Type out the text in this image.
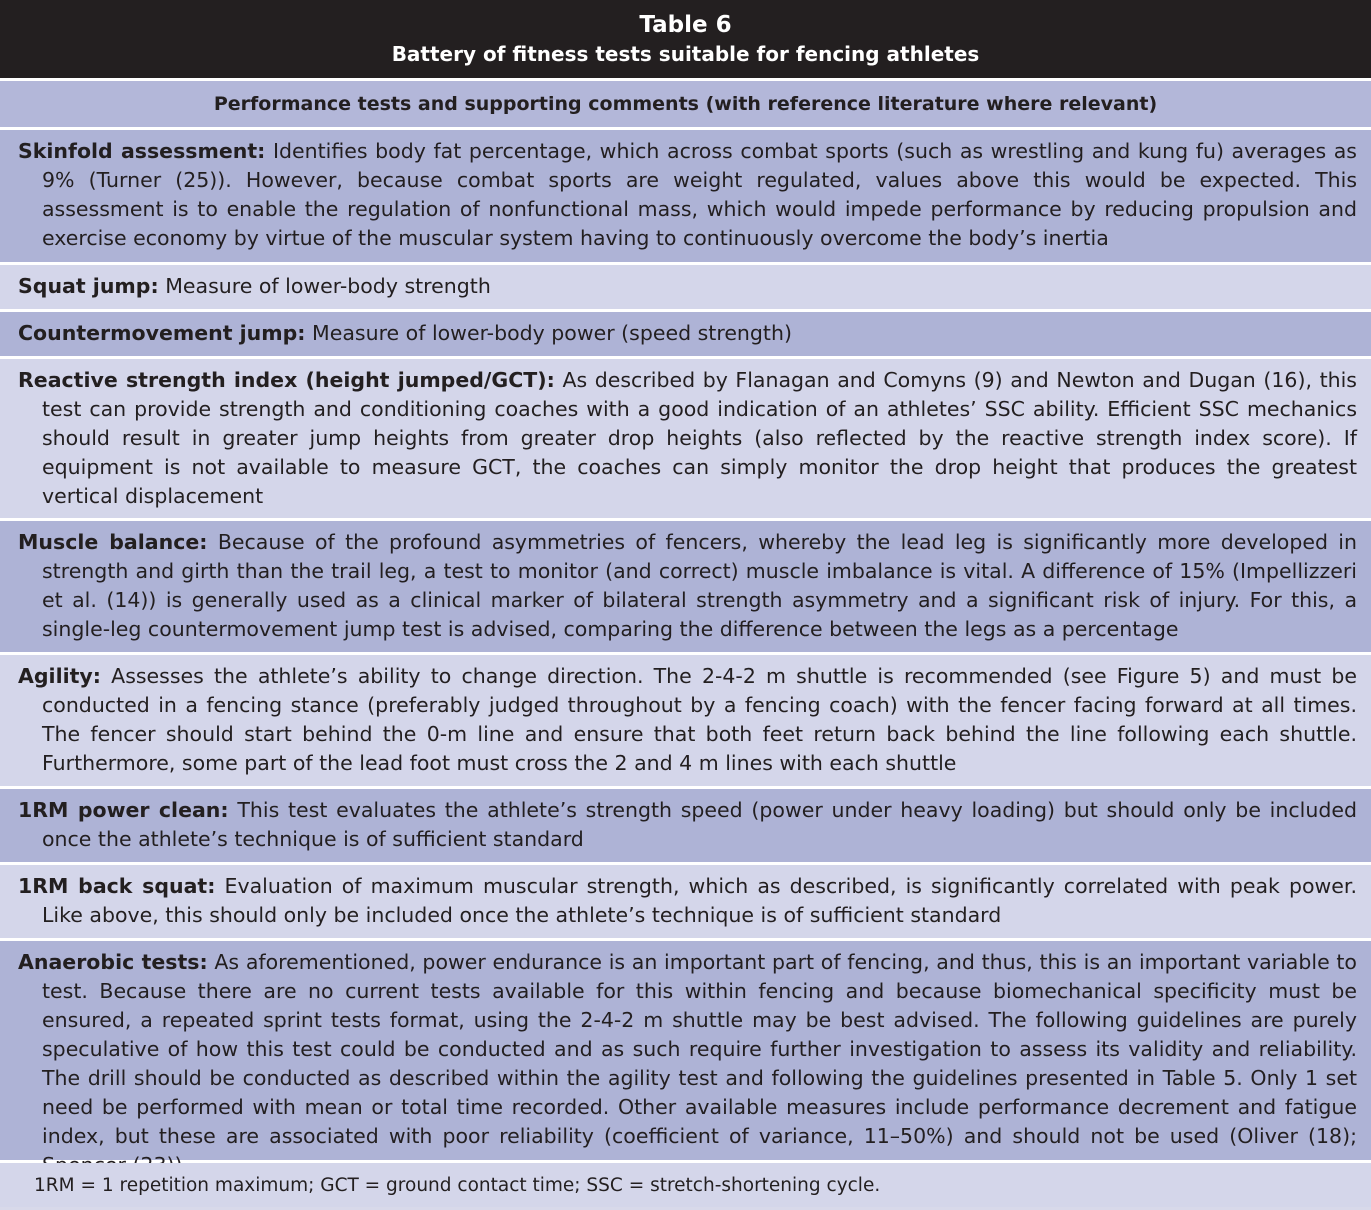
Table 6
Battery of fitness tests suitable for fencing athletes
Performance tests and supporting comments (with reference literature where relevant)
Skinfold assessment: Identifies body fat percentage, which across combat sports (such as wrestling and kung fu) averages as 9% (Turner (25)). However, because combat sports are weight regulated, values above this would be expected. This assessment is to enable the regulation of nonfunctional mass, which would impede performance by reducing propulsion and exercise economy by virtue of the muscular system having to continuously overcome the body’s inertia
Squat jump: Measure of lower-body strength
Countermovement jump: Measure of lower-body power (speed strength)
Reactive strength index (height jumped/GCT): As described by Flanagan and Comyns (9) and Newton and Dugan (16), this test can provide strength and conditioning coaches with a good indication of an athletes’ SSC ability. Efficient SSC mechanics should result in greater jump heights from greater drop heights (also reflected by the reactive strength index score). If equipment is not available to measure GCT, the coaches can simply monitor the drop height that produces the greatest vertical displacement
Muscle balance: Because of the profound asymmetries of fencers, whereby the lead leg is significantly more developed in strength and girth than the trail leg, a test to monitor (and correct) muscle imbalance is vital. A difference of 15% (Impellizzeri et al. (14)) is generally used as a clinical marker of bilateral strength asymmetry and a significant risk of injury. For this, a single-leg countermovement jump test is advised, comparing the difference between the legs as a percentage
Agility: Assesses the athlete’s ability to change direction. The 2-4-2 m shuttle is recommended (see Figure 5) and must be conducted in a fencing stance (preferably judged throughout by a fencing coach) with the fencer facing forward at all times. The fencer should start behind the 0-m line and ensure that both feet return back behind the line following each shuttle. Furthermore, some part of the lead foot must cross the 2 and 4 m lines with each shuttle
1RM power clean: This test evaluates the athlete’s strength speed (power under heavy loading) but should only be included once the athlete’s technique is of sufficient standard
1RM back squat: Evaluation of maximum muscular strength, which as described, is significantly correlated with peak power. Like above, this should only be included once the athlete’s technique is of sufficient standard
Anaerobic tests: As aforementioned, power endurance is an important part of fencing, and thus, this is an important variable to test. Because there are no current tests available for this within fencing and because biomechanical specificity must be ensured, a repeated sprint tests format, using the 2-4-2 m shuttle may be best advised. The following guidelines are purely speculative of how this test could be conducted and as such require further investigation to assess its validity and reliability. The drill should be conducted as described within the agility test and following the guidelines presented in Table 5. Only 1 set need be performed with mean or total time recorded. Other available measures include performance decrement and fatigue index, but these are associated with poor reliability (coefficient of variance, 11–50%) and should not be used (Oliver (18);
1RM = 1 repetition maximum; GCT = ground contact time; SSC = stretch-shortening cycle.
